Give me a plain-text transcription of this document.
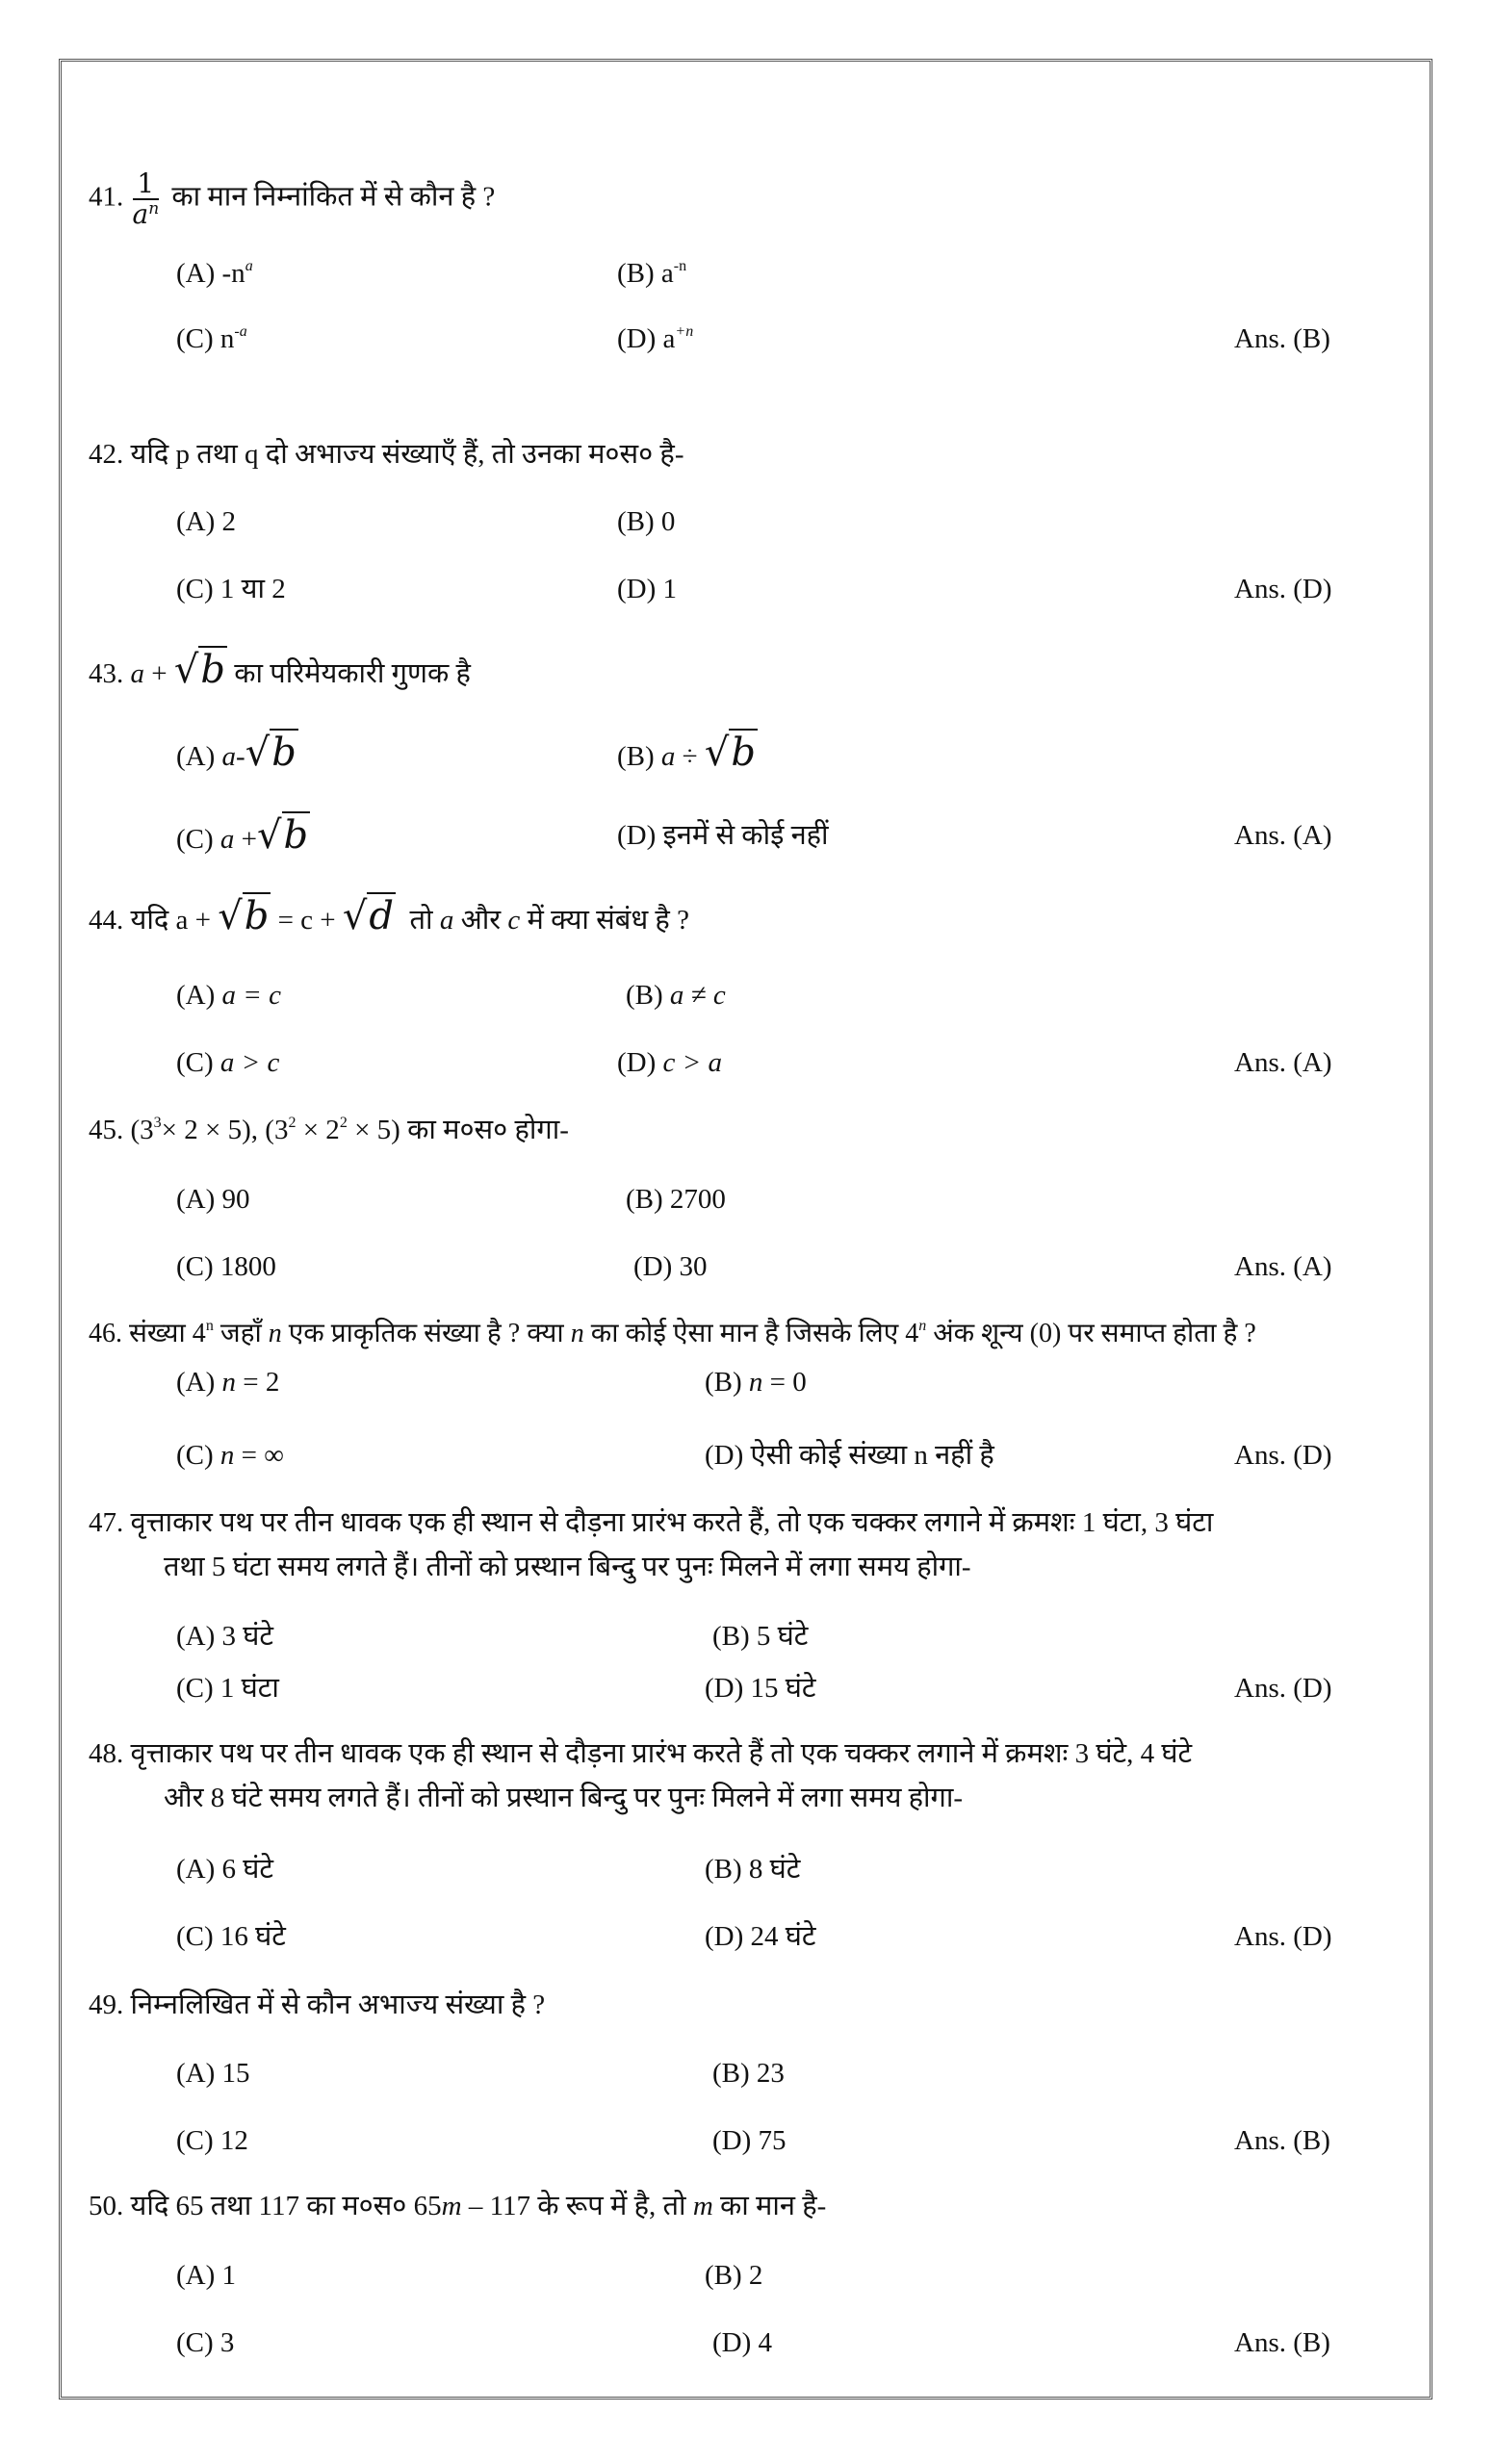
41. $\frac{1}{a^n}$ का मान निम्नांकित में से कौन है ?
(A) $-n^a$	(B) $a^{-n}$
(C) $n^{-a}$	(D) $a^{+n}$	Ans. (B)
42. यदि p तथा q दो अभाज्य संख्याएँ हैं, तो उनका म०स० है-
(A) 2	(B) 0
(C) 1 या 2	(D) 1	Ans. (D)
43. a + √b का परिमेयकारी गुणक है
(A) a-√b	(B) a ÷ √b
(C) a +√b	(D) इनमें से कोई नहीं	Ans. (A)
44. यदि a + √b = c + √d तो a और c में क्या संबंध है ?
(A) a = c	(B) a ≠ c
(C) a > c	(D) c > a	Ans. (A)
45. $(3^3\times 2 \times 5)$, $(3^2 \times 2^2 \times 5)$ का म०स० होगा-
(A) 90	(B) 2700
(C) 1800	(D) 30	Ans. (A)
46. संख्या 4$^n$ जहाँ n एक प्राकृतिक संख्या है ? क्या n का कोई ऐसा मान है जिसके लिए 4$^n$ अंक शून्य (0) पर समाप्त होता है ?
(A) n = 2	(B) n = 0
(C) n = ∞	(D) ऐसी कोई संख्या n नहीं है	Ans. (D)
47. वृत्ताकार पथ पर तीन धावक एक ही स्थान से दौड़ना प्रारंभ करते हैं, तो एक चक्कर लगाने में क्रमशः 1 घंटा, 3 घंटा
तथा 5 घंटा समय लगते हैं। तीनों को प्रस्थान बिन्दु पर पुनः मिलने में लगा समय होगा-
(A) 3 घंटे	(B) 5 घंटे
(C) 1 घंटा	(D) 15 घंटे	Ans. (D)
48. वृत्ताकार पथ पर तीन धावक एक ही स्थान से दौड़ना प्रारंभ करते हैं तो एक चक्कर लगाने में क्रमशः 3 घंटे, 4 घंटे
और 8 घंटे समय लगते हैं। तीनों को प्रस्थान बिन्दु पर पुनः मिलने में लगा समय होगा-
(A) 6 घंटे	(B) 8 घंटे
(C) 16 घंटे	(D) 24 घंटे	Ans. (D)
49. निम्नलिखित में से कौन अभाज्य संख्या है ?
(A) 15	(B) 23
(C) 12	(D) 75	Ans. (B)
50. यदि 65 तथा 117 का म०स० 65m – 117 के रूप में है, तो m का मान है-
(A) 1	(B) 2
(C) 3	(D) 4	Ans. (B)
